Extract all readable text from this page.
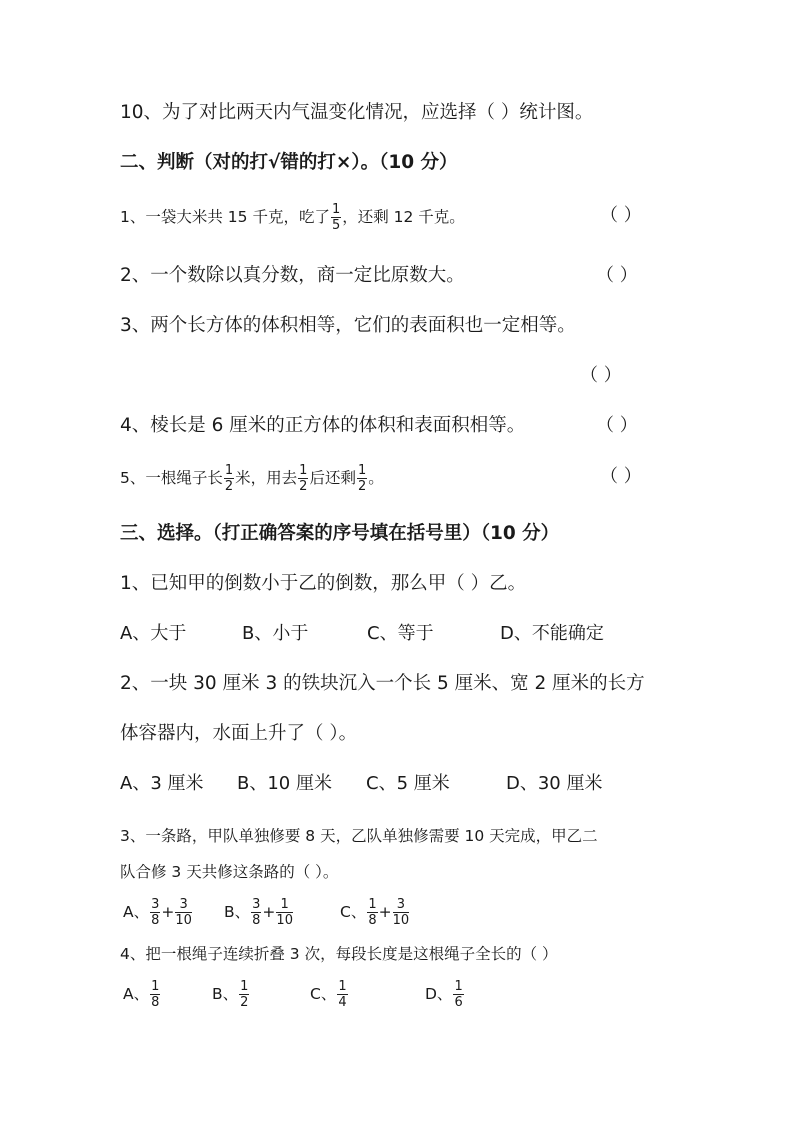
10、为了对比两天内气温变化情况，应选择（ ）统计图。
二、判断（对的打√错的打×）。（10 分）
1、一袋大米共 15 千克，吃了 $\frac{1}{5}$ ，还剩 12 千克。	（ ）
2、一个数除以真分数，商一定比原数大。	（ ）
3、两个长方体的体积相等，它们的表面积也一定相等。
（ ）
4、棱长是 6 厘米的正方体的体积和表面积相等。	（ ）
5、一根绳子长 $\frac{1}{2}$ 米，用去 $\frac{1}{2}$ 后还剩 $\frac{1}{2}$ 。	（ ）
三、选择。（打正确答案的序号填在括号里）（10 分）
1、已知甲的倒数小于乙的倒数，那么甲（ ）乙。
A、大于	B、小于	C、等于	D、不能确定
2、一块 30 厘米 3 的铁块沉入一个长 5 厘米、宽 2 厘米的长方
体容器内，水面上升了（ ）。
A、3 厘米 B、10 厘米 C、5 厘米	D、30 厘米
3、一条路，甲队单独修要 8 天，乙队单独修需要 10 天完成，甲乙二
队合修 3 天共修这条路的（ ）。
A、 $\frac{3}{8} + \frac{3}{10}$ B、 $\frac{3}{8} + \frac{1}{10}$	C、 $\frac{1}{8} + \frac{3}{10}$
4、把一根绳子连续折叠 3 次，每段长度是这根绳子全长的（ ）
A、 $\frac{1}{8}$	B、 $\frac{1}{2}$	C、 $\frac{1}{4}$	D、 $\frac{1}{6}$
